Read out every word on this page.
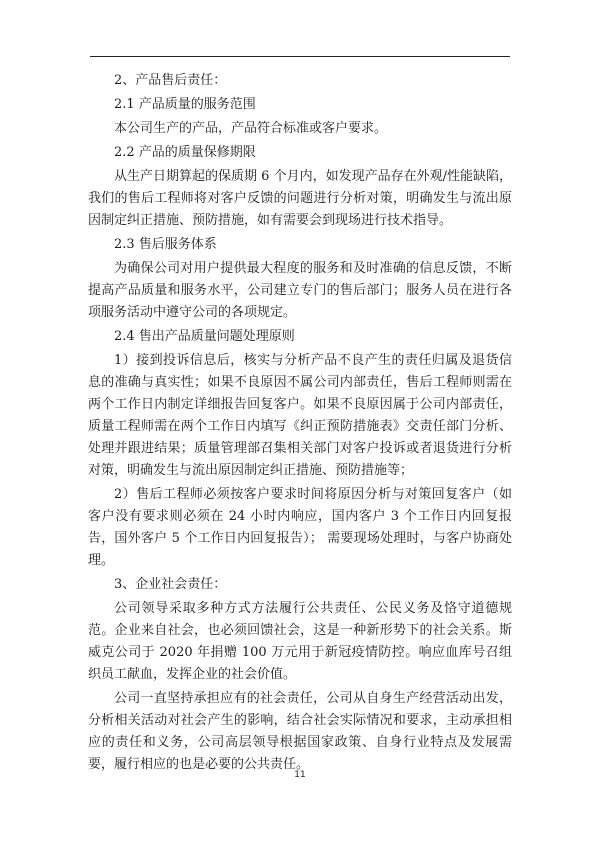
2、产品售后责任：

2.1 产品质量的服务范围

本公司生产的产品，产品符合标准或客户要求。

2.2 产品的质量保修期限

从生产日期算起的保质期 6 个月内，如发现产品存在外观/性能缺陷，我们的售后工程师将对客户反馈的问题进行分析对策，明确发生与流出原因制定纠正措施、预防措施，如有需要会到现场进行技术指导。

2.3 售后服务体系

为确保公司对用户提供最大程度的服务和及时准确的信息反馈，不断提高产品质量和服务水平，公司建立专门的售后部门；服务人员在进行各项服务活动中遵守公司的各项规定。

2.4 售出产品质量问题处理原则

1）接到投诉信息后，核实与分析产品不良产生的责任归属及退货信息的准确与真实性；如果不良原因不属公司内部责任，售后工程师则需在两个工作日内制定详细报告回复客户。如果不良原因属于公司内部责任，质量工程师需在两个工作日内填写《纠正预防措施表》交责任部门分析、处理并跟进结果；质量管理部召集相关部门对客户投诉或者退货进行分析对策，明确发生与流出原因制定纠正措施、预防措施等；

2）售后工程师必须按客户要求时间将原因分析与对策回复客户（如客户没有要求则必须在 24 小时内响应，国内客户 3 个工作日内回复报告，国外客户 5 个工作日内回复报告）； 需要现场处理时，与客户协商处理。

3、企业社会责任：

公司领导采取多种方式方法履行公共责任、公民义务及恪守道德规范。企业来自社会，也必须回馈社会，这是一种新形势下的社会关系。斯威克公司于 2020 年捐赠 100 万元用于新冠疫情防控。响应血库号召组织员工献血，发挥企业的社会价值。

公司一直坚持承担应有的社会责任，公司从自身生产经营活动出发，分析相关活动对社会产生的影响，结合社会实际情况和要求，主动承担相应的责任和义务，公司高层领导根据国家政策、自身行业特点及发展需要，履行相应的也是必要的公共责任。

11
